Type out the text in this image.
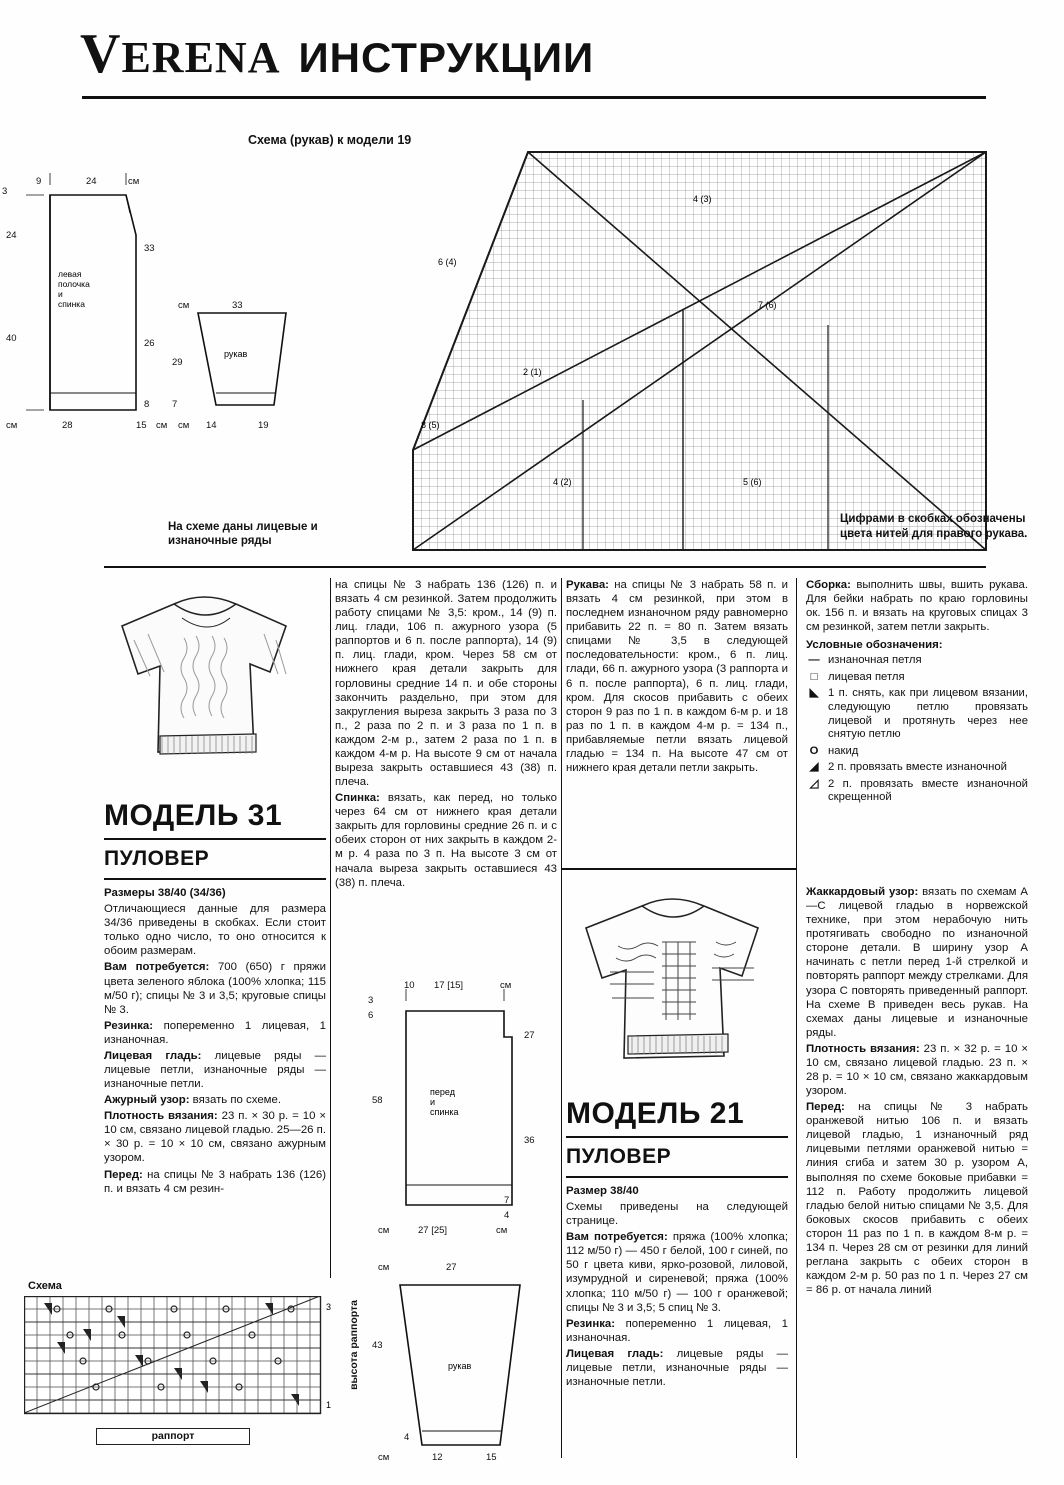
VERENA ИНСТРУКЦИИ
Схема (рукав) к модели 19
4 (3)
6 (4)
7 (6)
2 (1)
8 (5)
4 (2)	5 (6)
На схеме даны лицевые и изнаночные ряды
Цифрами в скобках обозначены цвета нитей для правого рукава.
левая
полочка
и
спинка
3
9	24	см
24
40
см
33
26
29
28
8 7
15 см
рукав
см	33
см 14	19
МОДЕЛЬ 31
ПУЛОВЕР

Размеры 38/40 (34/36)

Отличающиеся данные для размера 34/36 приведены в скобках. Если стоит только одно число, то оно относится к обоим размерам.

Вам потребуется: 700 (650) г пряжи цвета зеленого яблока (100% хлопка; 115 м/50 г); спицы № 3 и 3,5; круговые спицы № 3.

Резинка: попеременно 1 лицевая, 1 изнаночная.

Лицевая гладь: лицевые ряды — лицевые петли, изнаночные ряды — изнаночные петли.

Ажурный узор: вязать по схеме.

Плотность вязания: 23 п. × 30 р. = 10 × 10 см, связано лицевой гладью. 25—26 п. × 30 р. = 10 × 10 см, связано ажурным узором.

Перед: на спицы № 3 набрать 136 (126) п. и вязать 4 см резин-

на спицы № 3 набрать 136 (126) п. и вязать 4 см резинкой. Затем продолжить работу спицами № 3,5: кром., 14 (9) п. лиц. глади, 106 п. ажурного узора (5 раппортов и 6 п. после раппорта), 14 (9) п. лиц. глади, кром. Через 58 см от нижнего края детали закрыть для горловины средние 14 п. и обе стороны закончить раздельно, при этом для закругления выреза закрыть 3 раза по 3 п., 2 раза по 2 п. и 3 раза по 1 п. в каждом 2-м р., затем 2 раза по 1 п. в каждом 4-м р. На высоте 9 см от начала выреза закрыть оставшиеся 43 (38) п. плеча.

Спинка: вязать, как перед, но только через 64 см от нижнего края детали закрыть для горловины средние 26 п. и с обеих сторон от них закрыть в каждом 2-м р. 4 раза по 3 п. На высоте 3 см от начала выреза закрыть оставшиеся 43 (38) п. плеча.

Рукава: на спицы № 3 набрать 58 п. и вязать 4 см резинкой, при этом в последнем изнаночном ряду равномерно прибавить 22 п. = 80 п. Затем вязать спицами № 3,5 в следующей последовательности: кром., 6 п. лиц. глади, 66 п. ажурного узора (3 раппорта и 6 п. после раппорта), 6 п. лиц. глади, кром. Для скосов прибавить с обеих сторон 9 раз по 1 п. в каждом 6-м р. и 18 раз по 1 п. в каждом 4-м р. = 134 п., прибавляемые петли вязать лицевой гладью = 134 п. На высоте 47 см от нижнего края детали петли закрыть.

Сборка: выполнить швы, вшить рукава. Для бейки набрать по краю горловины ок. 156 п. и вязать на круговых спицах 3 см резинкой, затем петли закрыть.

Условные обозначения:

— изнаночная петля
□ лицевая петля
◣ 1 п. снять, как при лицевом вязании, следующую петлю провязать лицевой и протянуть через нее снятую петлю
O накид
◢ 2 п. провязать вместе изнаночной
◿ 2 п. провязать вместе изнаночной скрещенной
МОДЕЛЬ 21
ПУЛОВЕР

Размер 38/40

Схемы приведены на следующей странице.

Вам потребуется: пряжа (100% хлопка; 112 м/50 г) — 450 г белой, 100 г синей, по 50 г цвета киви, ярко-розовой, лиловой, изумрудной и сиреневой; пряжа (100% хлопка; 110 м/50 г) — 100 г оранжевой; спицы № 3 и 3,5; 5 спиц № 3.

Резинка: попеременно 1 лицевая, 1 изнаночная.

Лицевая гладь: лицевые ряды — лицевые петли, изнаночные ряды — изнаночные петли.

Жаккардовый узор: вязать по схемам А—С лицевой гладью в норвежской технике, при этом нерабочую нить протягивать свободно по изнаночной стороне детали. В ширину узор А начинать с петли перед 1-й стрелкой и повторять раппорт между стрелками. Для узора С повторять приведенный раппорт. На схеме В приведен весь рукав. На схемах даны лицевые и изнаночные ряды.

Плотность вязания: 23 п. × 32 р. = 10 × 10 см, связано лицевой гладью. 23 п. × 28 р. = 10 × 10 см, связано жаккардовым узором.

Перед: на спицы № 3 набрать оранжевой нитью 106 п. и вязать лицевой гладью, 1 изнаночный ряд лицевыми петлями оранжевой нитью = линия сгиба и затем 30 р. узором А, выполняя по схеме боковые прибавки = 112 п. Работу продолжить лицевой гладью белой нитью спицами № 3,5. Для боковых скосов прибавить с обеих сторон 11 раз по 1 п. в каждом 8-м р. = 134 п. Через 28 см от резинки для линий реглана закрыть с обеих сторон в каждом 2-м р. 50 раз по 1 п. Через 27 см = 86 р. от начала линий

перед
и
спинка
3
6
10 17 [15]	см
58
27
36
7
4
см	27 [25]	см
рукав
см	27
43
4
см	12	15
Схема
3
1
раппорт
высота раппорта
